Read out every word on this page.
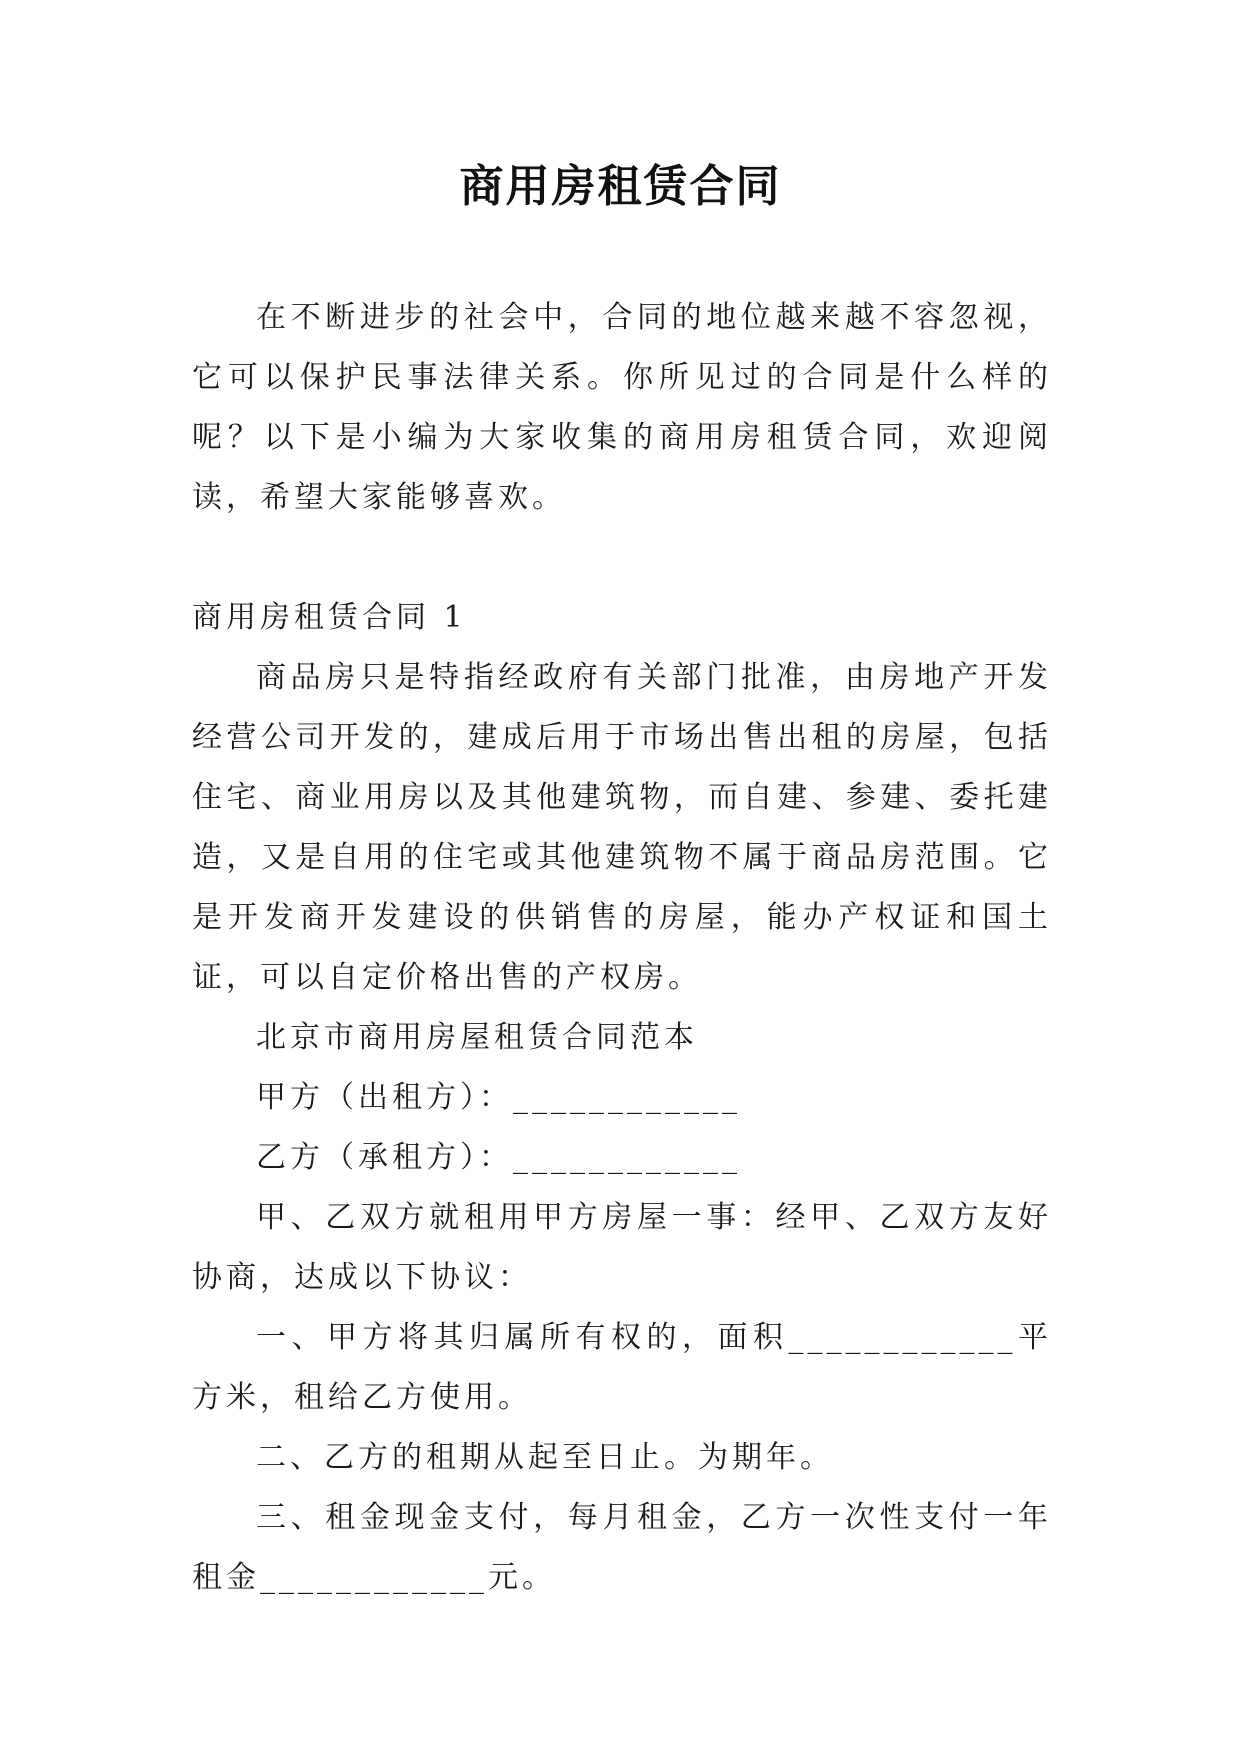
商用房租赁合同

在不断进步的社会中，合同的地位越来越不容忽视，它可以保护民事法律关系。你所见过的合同是什么样的呢？以下是小编为大家收集的商用房租赁合同，欢迎阅读，希望大家能够喜欢。

商用房租赁合同 1

商品房只是特指经政府有关部门批准，由房地产开发经营公司开发的，建成后用于市场出售出租的房屋，包括住宅、商业用房以及其他建筑物，而自建、参建、委托建造，又是自用的住宅或其他建筑物不属于商品房范围。它是开发商开发建设的供销售的房屋，能办产权证和国土证，可以自定价格出售的产权房。

北京市商用房屋租赁合同范本

甲方（出租方）：____________

乙方（承租方）：____________

甲、乙双方就租用甲方房屋一事：经甲、乙双方友好协商，达成以下协议：

一、甲方将其归属所有权的，面积____________平方米，租给乙方使用。

二、乙方的租期从起至日止。为期年。

三、租金现金支付，每月租金，乙方一次性支付一年租金____________元。
